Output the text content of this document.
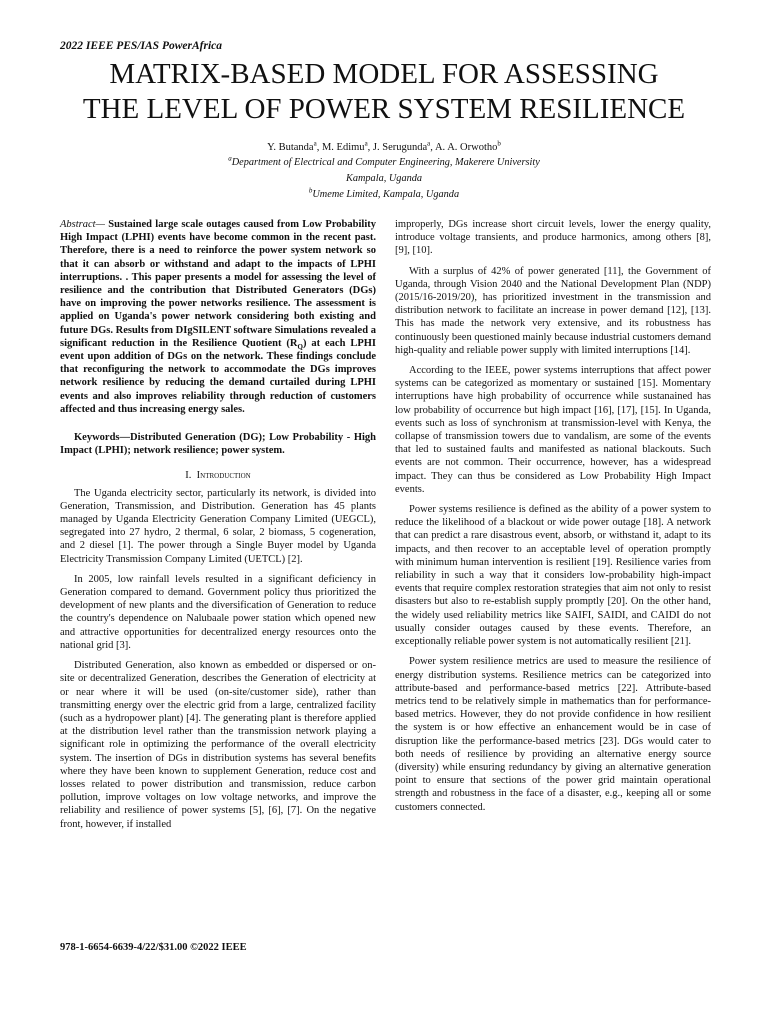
2022 IEEE PES/IAS PowerAfrica
MATRIX-BASED MODEL FOR ASSESSING
THE LEVEL OF POWER SYSTEM RESILIENCE
Y. Butanda$^a$, M. Edimu$^a$, J. Serugunda$^a$, A. A. Orwotho$^b$
$^a$Department of Electrical and Computer Engineering, Makerere University
Kampala, Uganda
$^b$Umeme Limited, Kampala, Uganda

Abstract— Sustained large scale outages caused from Low Probability High Impact (LPHI) events have become common in the recent past. Therefore, there is a need to reinforce the power system network so that it can absorb or withstand and adapt to the impacts of LPHI interruptions. . This paper presents a model for assessing the level of resilience and the contribution that Distributed Generators (DGs) have on improving the power networks resilience. The assessment is applied on Uganda's power network considering both existing and future DGs. Results from DIgSILENT software Simulations revealed a significant reduction in the Resilience Quotient $(R_Q)$ at each LPHI event upon addition of DGs on the network. These findings conclude that reconfiguring the network to accommodate the DGs improves network resilience by reducing the demand curtailed during LPHI events and also improves reliability through reduction of customers affected and thus increasing energy sales.

Keywords—Distributed Generation (DG); Low Probability - High Impact (LPHI); network resilience; power system.

I. Introduction

The Uganda electricity sector, particularly its network, is divided into Generation, Transmission, and Distribution. Generation has 45 plants managed by Uganda Electricity Generation Company Limited (UEGCL), segregated into 27 hydro, 2 thermal, 6 solar, 2 biomass, 5 cogeneration, and 2 diesel [1]. The power through a Single Buyer model by Uganda Electricity Transmission Company Limited (UETCL) [2].

In 2005, low rainfall levels resulted in a significant deficiency in Generation compared to demand. Government policy thus prioritized the development of new plants and the diversification of Generation to reduce the country's dependence on Nalubaale power station which opened new and attractive opportunities for decentralized energy resources onto the national grid [3].

Distributed Generation, also known as embedded or dispersed or on-site or decentralized Generation, describes the Generation of electricity at or near where it will be used (on-site/customer side), rather than transmitting energy over the electric grid from a large, centralized facility (such as a hydropower plant) [4]. The generating plant is therefore applied at the distribution level rather than the transmission network playing a significant role in optimizing the performance of the overall electricity system. The insertion of DGs in distribution systems has several benefits where they have been known to supplement Generation, reduce cost and losses related to power distribution and transmission, reduce carbon pollution, improve voltages on low voltage networks, and improve the reliability and resilience of power systems [5], [6], [7]. On the negative front, however, if installed

improperly, DGs increase short circuit levels, lower the energy quality, introduce voltage transients, and produce harmonics, among others [8], [9], [10].

With a surplus of 42% of power generated [11], the Government of Uganda, through Vision 2040 and the National Development Plan (NDP) (2015/16-2019/20), has prioritized investment in the transmission and distribution network to facilitate an increase in power demand [12], [13]. This has made the network very extensive, and its robustness has continuously been questioned mainly because industrial customers demand high-quality and reliable power supply with limited interruptions [14].

According to the IEEE, power systems interruptions that affect power systems can be categorized as momentary or sustained [15]. Momentary interruptions have high probability of occurrence while sustanained has low probability of occurrence but high impact [16], [17], [15]. In Uganda, events such as loss of synchronism at transmission-level with Kenya, the collapse of transmission towers due to vandalism, are some of the events that led to sustained faults and manifested as national blackouts. Such events are not common. Their occurrence, however, has a widespread impact. They can thus be considered as Low Probability High Impact events.

Power systems resilience is defined as the ability of a power system to reduce the likelihood of a blackout or wide power outage [18]. A network that can predict a rare disastrous event, absorb, or withstand it, adapt to its impacts, and then recover to an acceptable level of operation promptly with minimum human intervention is resilient [19]. Resilience varies from reliability in such a way that it considers low-probability high-impact events that require complex restoration strategies that aim not only to resist disasters but also to re-establish supply promptly [20]. On the other hand, the widely used reliability metrics like SAIFI, SAIDI, and CAIDI do not usually consider outages caused by these events. Therefore, an exceptionally reliable power system is not automatically resilient [21].

Power system resilience metrics are used to measure the resilience of energy distribution systems. Resilience metrics can be categorized into attribute-based and performance-based metrics [22]. Attribute-based metrics tend to be relatively simple in mathematics than for performance-based metrics. However, they do not provide confidence in how resilient the system is or how effective an enhancement would be in case of disruption like the performance-based metrics [23]. DGs would cater to both needs of resilience by providing an alternative energy source (diversity) while ensuring redundancy by giving an alternative generation point to ensure that sections of the power grid maintain operational strength and robustness in the face of a disaster, e.g., keeping all or some customers connected.

978-1-6654-6639-4/22/$31.00 ©2022 IEEE
